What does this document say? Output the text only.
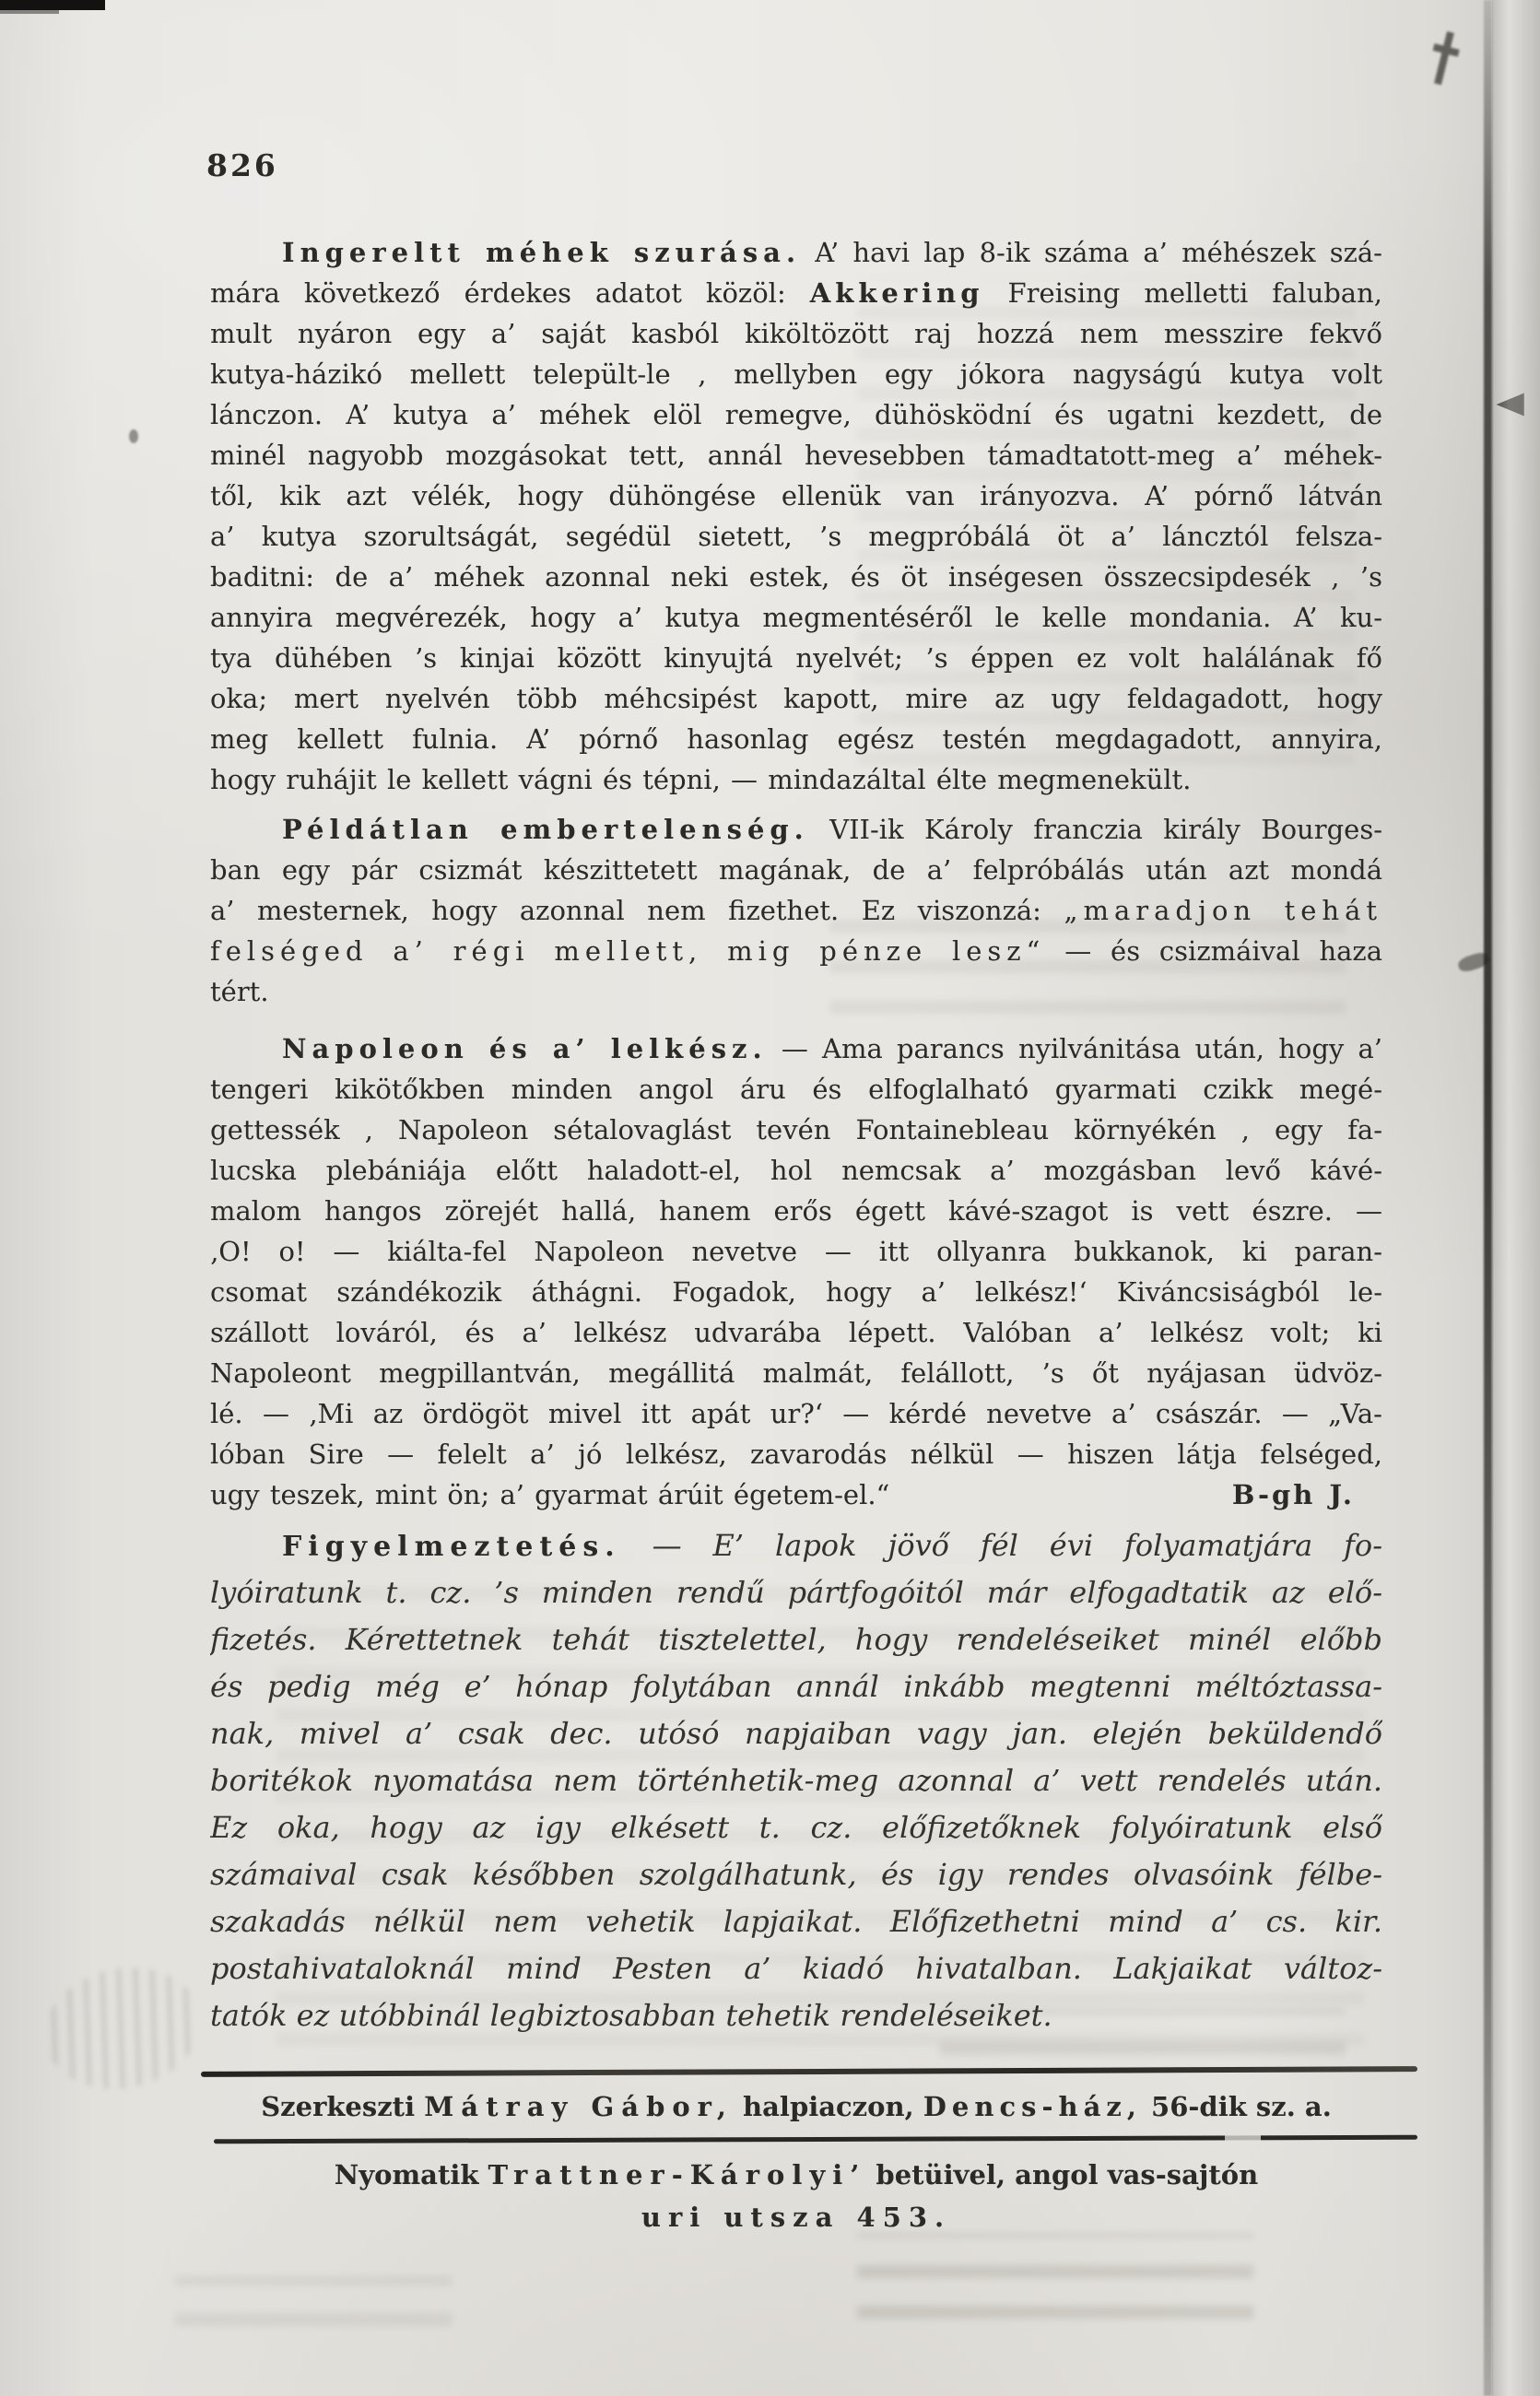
826
Ingereltt méhek szurása. A’ havi lap 8-ik száma a’ méhészek szá-
mára következő érdekes adatot közöl: Akkering Freising melletti faluban,
mult nyáron egy a’ saját kasból kiköltözött raj hozzá nem messzire fekvő
kutya-házikó mellett települt-le , mellyben egy jókora nagyságú kutya volt
lánczon. A’ kutya a’ méhek elöl remegve, dühösködní és ugatni kezdett, de
minél nagyobb mozgásokat tett, annál hevesebben támadtatott-meg a’ méhek-
től, kik azt vélék, hogy dühöngése ellenük van irányozva. A’ pórnő látván
a’ kutya szorultságát, segédül sietett, ’s megpróbálá öt a’ láncztól felsza-
baditni: de a’ méhek azonnal neki estek, és öt inségesen összecsipdesék , ’s
annyira megvérezék, hogy a’ kutya megmentéséről le kelle mondania. A’ ku-
tya dühében ’s kinjai között kinyujtá nyelvét; ’s éppen ez volt halálának fő
oka; mert nyelvén több méhcsipést kapott, mire az ugy feldagadott, hogy
meg kellett fulnia. A’ pórnő hasonlag egész testén megdagadott, annyira,
hogy ruhájit le kellett vágni és tépni, — mindazáltal élte megmenekült.
Példátlan embertelenség. VII-ik Károly franczia király Bourges-
ban egy pár csizmát készittetett magának, de a’ felpróbálás után azt mondá
a’ mesternek, hogy azonnal nem fizethet. Ez viszonzá: „maradjon tehát
felséged a’ régi mellett, mig pénze lesz“ — és csizmáival haza
tért.
Napoleon és a’ lelkész. — Ama parancs nyilvánitása után, hogy a’
tengeri kikötőkben minden angol áru és elfoglalható gyarmati czikk megé-
gettessék , Napoleon sétalovaglást tevén Fontainebleau környékén , egy fa-
lucska plebániája előtt haladott-el, hol nemcsak a’ mozgásban levő kávé-
malom hangos zörejét hallá, hanem erős égett kávé-szagot is vett észre. —
‚O! o! — kiálta-fel Napoleon nevetve — itt ollyanra bukkanok, ki paran-
csomat szándékozik áthágni. Fogadok, hogy a’ lelkész!‘ Kiváncsiságból le-
szállott lováról, és a’ lelkész udvarába lépett. Valóban a’ lelkész volt; ki
Napoleont megpillantván, megállitá malmát, felállott, ’s őt nyájasan üdvöz-
lé. — ‚Mi az ördögöt mivel itt apát ur?‘ — kérdé nevetve a’ császár. — „Va-
lóban Sire — felelt a’ jó lelkész, zavarodás nélkül — hiszen látja felséged,
ugy teszek, mint ön; a’ gyarmat árúit égetem-el.“	B-gh J.
Figyelmeztetés. — E’ lapok jövő fél évi folyamatjára fo-
lyóiratunk t. cz. ’s minden rendű pártfogóitól már elfogadtatik az elő-
fizetés. Kérettetnek tehát tisztelettel, hogy rendeléseiket minél előbb
és pedig még e’ hónap folytában annál inkább megtenni méltóztassa-
nak, mivel a’ csak dec. utósó napjaiban vagy jan. elején beküldendő
boritékok nyomatása nem történhetik-meg azonnal a’ vett rendelés után.
Ez oka, hogy az igy elkésett t. cz. előfizetőknek folyóiratunk első
számaival csak későbben szolgálhatunk, és igy rendes olvasóink félbe-
szakadás nélkül nem vehetik lapjaikat. Előfizethetni mind a’ cs. kir.
postahivataloknál mind Pesten a’ kiadó hivatalban. Lakjaikat változ-
tatók ez utóbbinál legbiztosabban tehetik rendeléseiket.
Szerkeszti Mátray Gábor, halpiaczon, Dencs-ház, 56-dik sz. a.
Nyomatik Trattner-Károlyi’ betüivel, angol vas-sajtón
uri utsza 453.
